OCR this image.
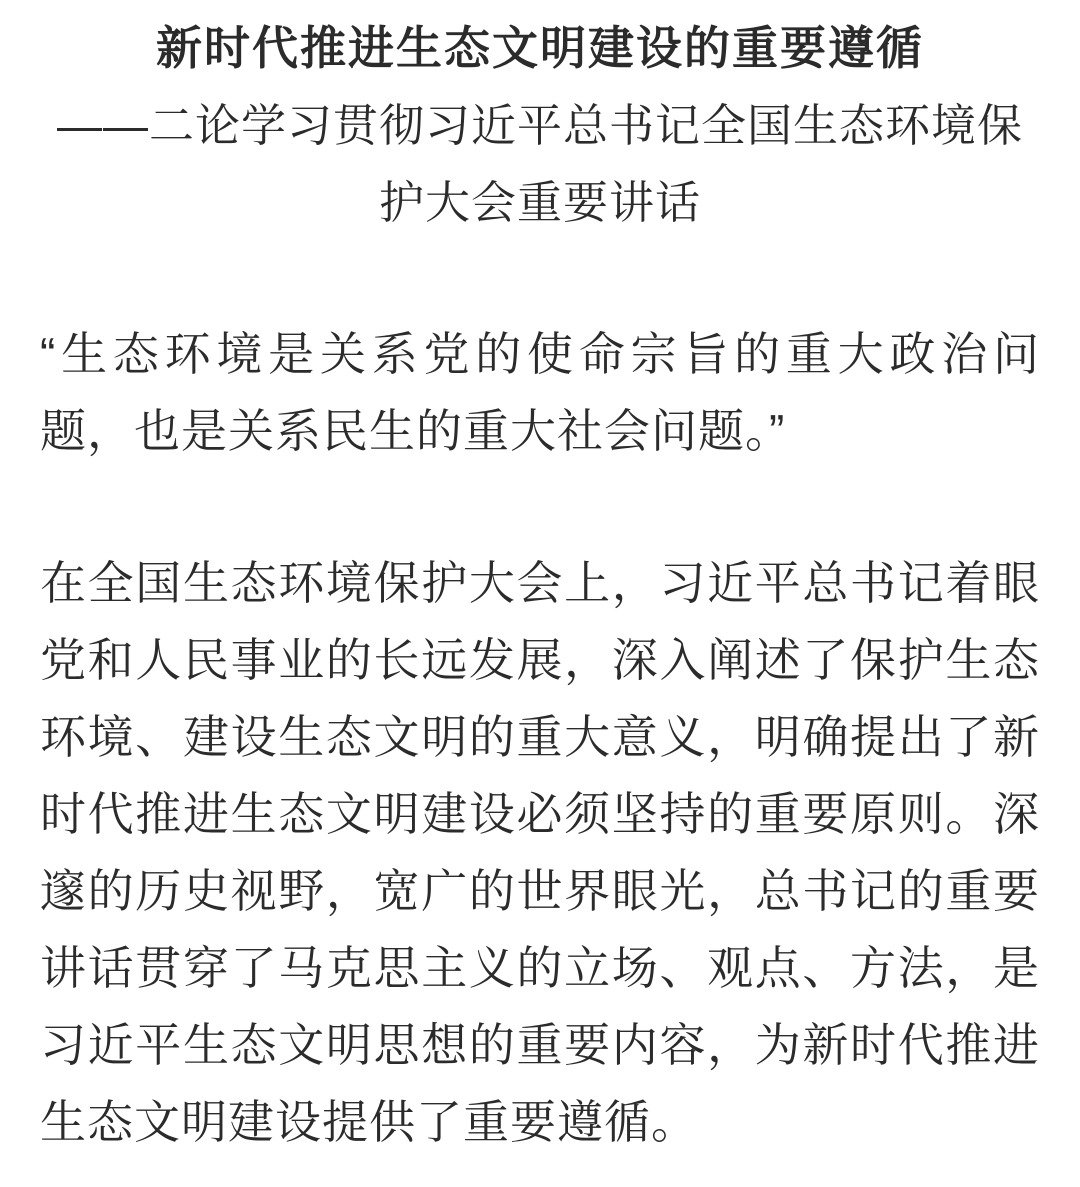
新时代推进生态文明建设的重要遵循
——二论学习贯彻习近平总书记全国生态环境保护大会重要讲话

“生态环境是关系党的使命宗旨的重大政治问题，也是关系民生的重大社会问题。”

在全国生态环境保护大会上，习近平总书记着眼党和人民事业的长远发展，深入阐述了保护生态环境、建设生态文明的重大意义，明确提出了新时代推进生态文明建设必须坚持的重要原则。深邃的历史视野，宽广的世界眼光，总书记的重要讲话贯穿了马克思主义的立场、观点、方法，是习近平生态文明思想的重要内容，为新时代推进生态文明建设提供了重要遵循。
